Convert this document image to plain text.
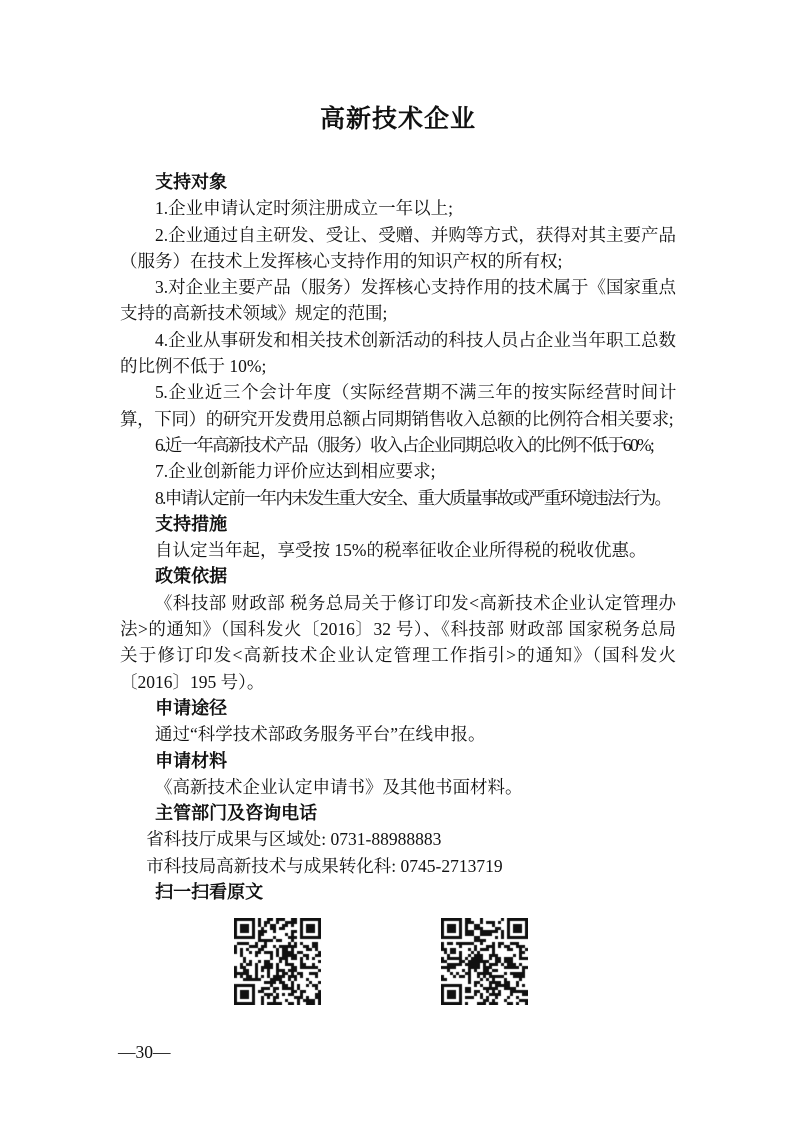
高新技术企业
支持对象

1.企业申请认定时须注册成立一年以上;

2.企业通过自主研发、受让、受赠、并购等方式，获得对其主要产品（服务）在技术上发挥核心支持作用的知识产权的所有权;

3.对企业主要产品（服务）发挥核心支持作用的技术属于《国家重点支持的高新技术领域》规定的范围;

4.企业从事研发和相关技术创新活动的科技人员占企业当年职工总数的比例不低于 10%;

5.企业近三个会计年度（实际经营期不满三年的按实际经营时间计算，下同）的研究开发费用总额占同期销售收入总额的比例符合相关要求;

6.近一年高新技术产品（服务）收入占企业同期总收入的比例不低于60%;

7.企业创新能力评价应达到相应要求;

8.申请认定前一年内未发生重大安全、重大质量事故或严重环境违法行为。

支持措施

自认定当年起，享受按 15%的税率征收企业所得税的税收优惠。

政策依据

《科技部 财政部 税务总局关于修订印发<高新技术企业认定管理办法>的通知》（国科发火〔2016〕32 号）、《科技部 财政部 国家税务总局关于修订印发<高新技术企业认定管理工作指引>的通知》（国科发火〔2016〕195 号）。

申请途径

通过“科学技术部政务服务平台”在线申报。

申请材料

《高新技术企业认定申请书》及其他书面材料。

主管部门及咨询电话

省科技厅成果与区域处: 0731-88988883

市科技局高新技术与成果转化科: 0745-2713719

扫一扫看原文
—30—
